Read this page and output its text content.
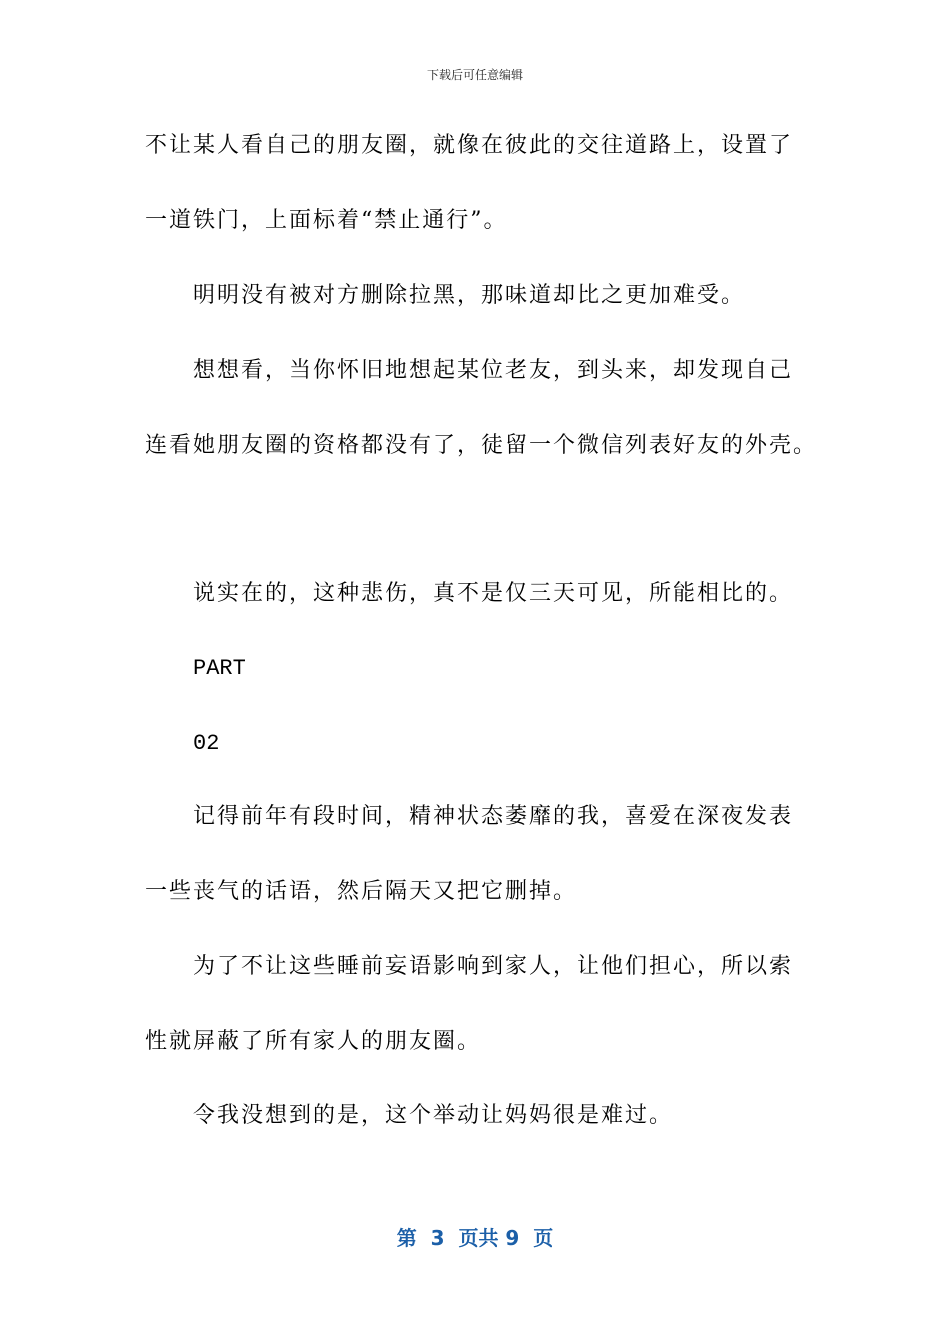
下载后可任意编辑
不让某人看自己的朋友圈，就像在彼此的交往道路上，设置了
一道铁门，上面标着“禁止通行”。
明明没有被对方删除拉黑，那味道却比之更加难受。
想想看，当你怀旧地想起某位老友，到头来，却发现自己
连看她朋友圈的资格都没有了，徒留一个微信列表好友的外壳。
说实在的，这种悲伤，真不是仅三天可见，所能相比的。
PART
02
记得前年有段时间，精神状态萎靡的我，喜爱在深夜发表
一些丧气的话语，然后隔天又把它删掉。
为了不让这些睡前妄语影响到家人，让他们担心，所以索
性就屏蔽了所有家人的朋友圈。
令我没想到的是，这个举动让妈妈很是难过。
第  3  页共 9  页
